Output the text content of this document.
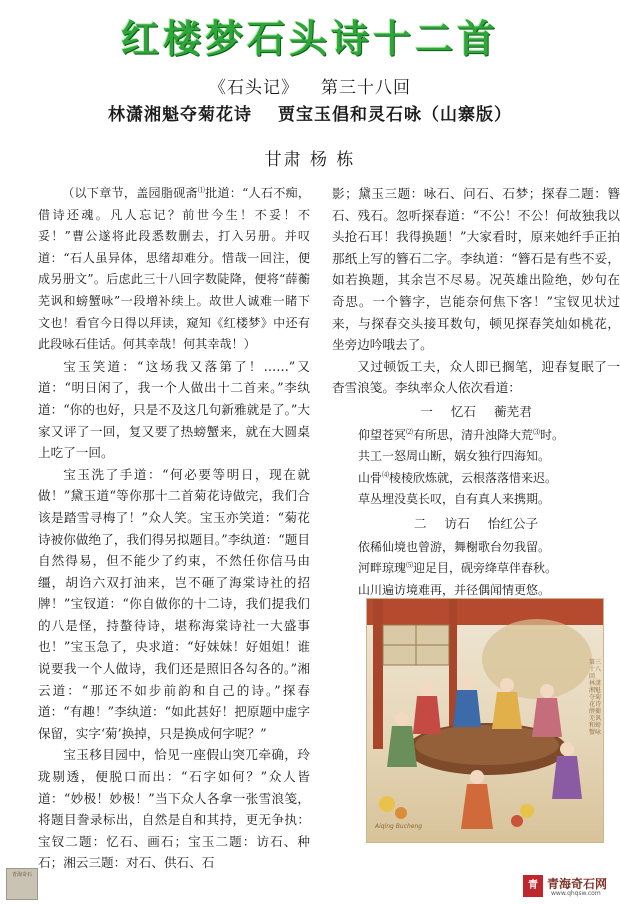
红楼梦石头诗十二首
《石头记》 第三十八回
林潇湘魁夺菊花诗 贾宝玉倡和灵石咏（山寨版）
甘肃 杨 栋

（以下章节，盖园脂砚斋⑴批道：“人石不痴，借诗还魂。凡人忘记？前世今生！不妥！不妥！”曹公遂将此段悉数删去，打入另册。并叹道：“石人虽异体，思绪却难分。惜哉一回注，便成另册文”。后虑此三十八回字数陡降，便将“薛蘅芜讽和螃蟹咏”一段增补续上。故世人诚难一睹下文也！看官今日得以拜读，窥知《红楼梦》中还有此段咏石佳话。何其幸哉！何其幸哉！）

宝玉笑道：“这场我又落第了！……”又道：“明日闲了，我一个人做出十二首来。”李纨道：“你的也好，只是不及这几句新雅就是了。”大家又评了一回，复又要了热螃蟹来，就在大圆桌上吃了一回。

宝玉洗了手道：“何必要等明日，现在就做！”黛玉道“等你那十二首菊花诗做完，我们合该是踏雪寻梅了！”众人笑。宝玉亦笑道：“菊花诗被你做绝了，我们得另拟题目。”李纨道：“题目自然得易，但不能少了约束，不然任你信马由缰，胡诌六双打油来，岂不砸了海棠诗社的招牌！”宝钗道：“你自做你的十二诗，我们提我们的八是怪，持螯待诗，堪称海棠诗社一大盛事也！”宝玉急了，央求道：“好妹妹！好姐姐！谁说要我一个人做诗，我们还是照旧各勾各的。”湘云道：“那还不如步前韵和自己的诗。”探春道：“有趣！”李纨道：“如此甚好！把原题中虚字保留，实字‘菊’换掉，只是换成何字呢？”

宝玉移目园中，恰见一座假山突兀牵确，玲珑剔透，便脱口而出：“石字如何？”众人皆道：“妙极！妙极！”当下众人各拿一张雪浪笺，将题目誊录标出，自然是自和其持，更无争执：宝钗二题：忆石、画石；宝玉二题：访石、种石；湘云三题：对石、供石、石

影；黛玉三题：咏石、问石、石梦；探春二题：簪石、残石。忽听探春道：“不公！不公！何故独我以头抢石耳！我得换题！”大家看时，原来她纤手正拍那纸上写的簪石二字。李纨道：“簪石是有些不妥，如若换题，其余岂不尽易。况英雄出险绝，妙句在奇思。一个簪字，岂能奈何焦下客！”宝钗见状过来，与探春交头接耳数句，顿见探春笑灿如桃花，坐旁边吟哦去了。

又过顿饭工夫，众人即已搁笔，迎春复眠了一杳雪浪笺。李纨率众人依次看道：

一 忆石 蘅芜君

仰望苍冥⑵有所思，清升浊降大荒⑶时。

共工一怒周山断，娲女独行四海知。

山骨⑷棱棱欣炼就，云根落落惜来迟。

草丛埋没莫长叹，自有真人来携期。

二 访石 怡红公子

依稀仙境也曾游，舞榭歌台勿我留。

河畔琼瑰⑸迎足目，砚旁绛草伴春秋。

山川遍访境难再，并径偶闻情更悠。

第三十八回 林潇湘魁夺菊花诗 薛蘅芜讽和螃蟹咏
Aiqing Bucheng
青海奇石
青 青海奇石网
www.qhqsw.com
